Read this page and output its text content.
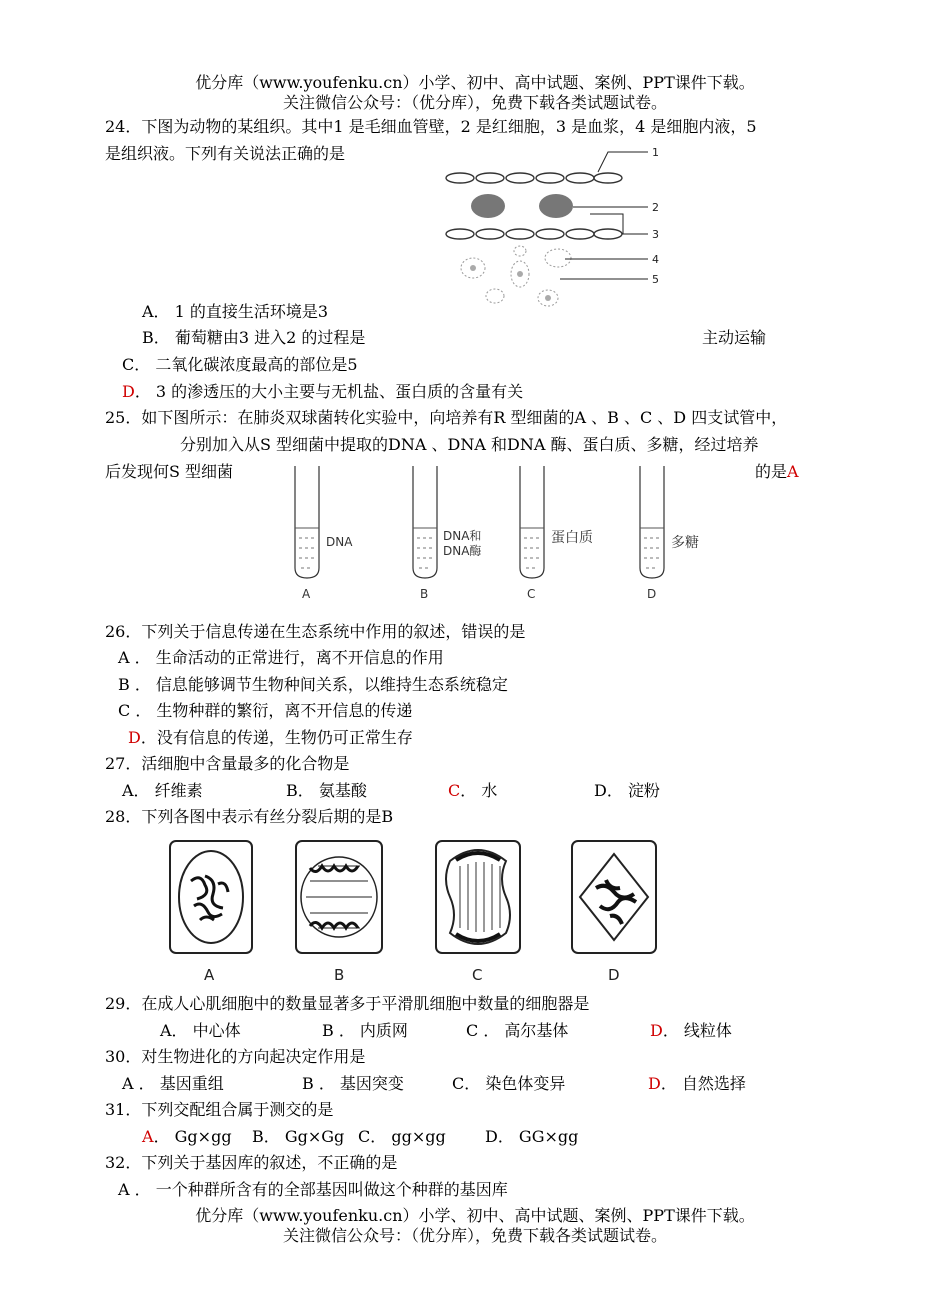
优分库（www.youfenku.cn）小学、初中、高中试题、案例、PPT课件下载。
关注微信公众号：（优分库），免费下载各类试题试卷。
24．下图为动物的某组织。其中1 是毛细血管壁，2 是红细胞，3 是血浆，4 是细胞内液，5
是组织液。下列有关说法正确的是	1
2
3
4
5
A． 1 的直接生活环境是3
B． 葡萄糖由3 进入2 的过程是	主动运输
C． 二氧化碳浓度最高的部位是5
D． 3 的渗透压的大小主要与无机盐、蛋白质的含量有关
25．如下图所示：在肺炎双球菌转化实验中，向培养有R 型细菌的A 、B 、C 、D 四支试管中，
分别加入从S 型细菌中提取的DNA 、DNA 和DNA 酶、蛋白质、多糖，经过培养
后发现何S 型细菌	的是A
DNA	DNA和
DNA酶
蛋白质	多糖
A	B	C	D
26．下列关于信息传递在生态系统中作用的叙述，错误的是
A ． 生命活动的正常进行，离不开信息的作用
B ． 信息能够调节生物种间关系，以维持生态系统稳定
C ． 生物种群的繁衍，离不开信息的传递
D．没有信息的传递，生物仍可正常生存
27．活细胞中含量最多的化合物是
A． 纤维素	B． 氨基酸	C． 水	D． 淀粉
28．下列各图中表示有丝分裂后期的是B
A	B	C	D
29．在成人心肌细胞中的数量显著多于平滑肌细胞中数量的细胞器是
A． 中心体	B ． 内质网	C ． 高尔基体	D． 线粒体
30．对生物进化的方向起决定作用是
A ． 基因重组	B ． 基因突变	C． 染色体变异	D． 自然选择
31．下列交配组合属于测交的是
A． Gg×gg B． Gg×Gg C． gg×gg D． GG×gg
32．下列关于基因库的叙述，不正确的是
A ． 一个种群所含有的全部基因叫做这个种群的基因库
优分库（www.youfenku.cn）小学、初中、高中试题、案例、PPT课件下载。
关注微信公众号：（优分库），免费下载各类试题试卷。
